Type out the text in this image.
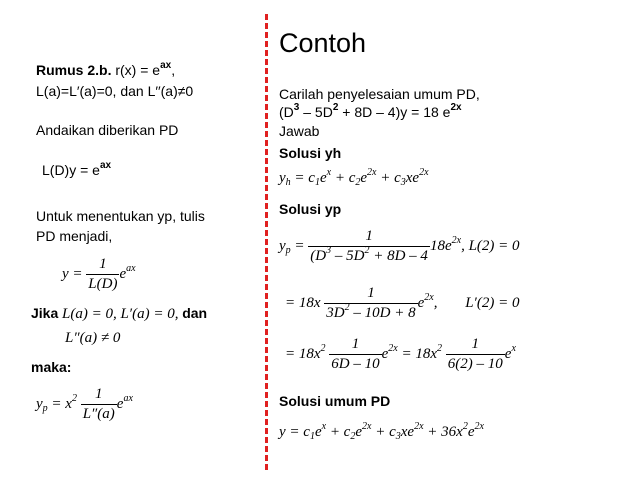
Rumus 2.b. $r(x) = e^{ax}$,
L(a)=L′(a)=0, dan L′′(a)≠0
Andaikan diberikan PD
$L(D)y = e^{ax}$
Untuk menentukan yp, tulis
PD menjadi,
$y = \frac{1}{L(D)} e^{ax}$
Jika L(a) = 0, L′(a) = 0, dan
L″(a) ≠ 0
maka:
$y_p = x^2 \frac{1}{L''(a)} e^{ax}$
Contoh
Carilah penyelesaian umum PD,
$(D^3 - 5D^2 + 8D - 4)y = 18$ $e^{2x}$
Jawab
Solusi yh
$y_h = c_1e^x + c_2e^{2x} + c_3xe^{2x}$
Solusi yp
$y_p = \frac{1}{(D^3 - 5D^2 + 8D - 4} 18e^{2x}$, L(2) = 0
= $18x \frac{1}{3D^2 - 10D + 8} e^{2x}$, L′(2) = 0
= $18x^2 \frac{1}{6D - 10} e^{2x} = 18x^2 \frac{1}{6(2) - 10} e^x$
Solusi umum PD
$y = c_1e^x + c_2e^{2x} + c_3xe^{2x} + 36x^2e^{2x}$
